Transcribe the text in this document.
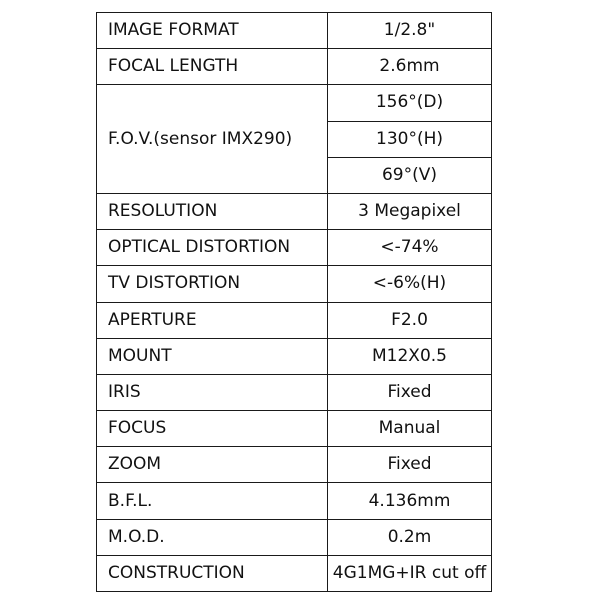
IMAGE FORMAT	1/2.8"
FOCAL LENGTH	2.6mm
F.O.V.(sensor IMX290)	156°(D)
	130°(H)
	69°(V)
RESOLUTION	3 Megapixel
OPTICAL DISTORTION	<-74%
TV DISTORTION	<-6%(H)
APERTURE	F2.0
MOUNT	M12X0.5
IRIS	Fixed
FOCUS	Manual
ZOOM	Fixed
B.F.L.	4.136mm
M.O.D.	0.2m
CONSTRUCTION	4G1MG+IR cut off
